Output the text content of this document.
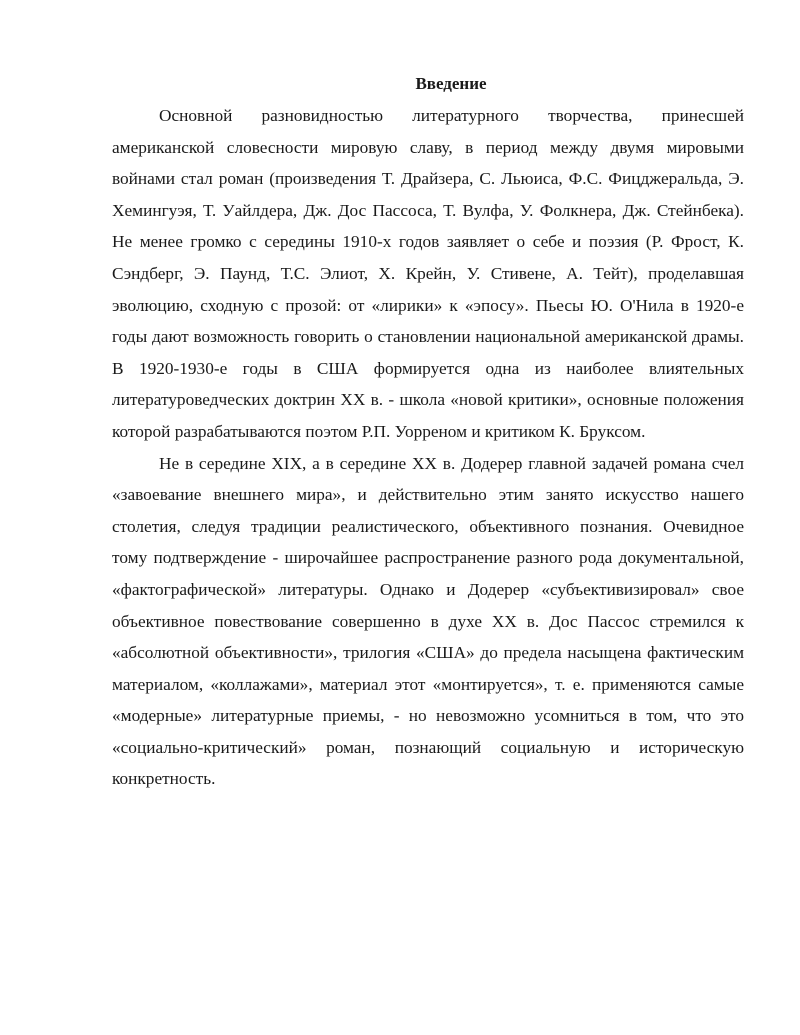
Введение

Основной разновидностью литературного творчества, принесшей американской словесности мировую славу, в период между двумя мировыми войнами стал роман (произведения Т. Драйзера, С. Льюиса, Ф.С. Фицджеральда, Э. Хемингуэя, Т. Уайлдера, Дж. Дос Пассоса, Т. Вулфа, У. Фолкнера, Дж. Стейнбека). Не менее громко с середины 1910-х годов заявляет о себе и поэзия (Р. Фрост, К. Сэндберг, Э. Паунд, Т.С. Элиот, Х. Крейн, У. Стивене, А. Тейт), проделавшая эволюцию, сходную с прозой: от «лирики» к «эпосу». Пьесы Ю. О'Нила в 1920-е годы дают возможность говорить о становлении национальной американской драмы. В 1920-1930-е годы в США формируется одна из наиболее влиятельных литературоведческих доктрин XX в. - школа «новой критики», основные положения которой разрабатываются поэтом Р.П. Уорреном и критиком К. Бруксом.

Не в середине XIX, а в середине XX в. Додерер главной задачей романа счел «завоевание внешнего мира», и действительно этим занято искусство нашего столетия, следуя традиции реалистического, объективного познания. Очевидное тому подтверждение - широчайшее распространение разного рода документальной, «фактографической» литературы. Однако и Додерер «субъективизировал» свое объективное повествование совершенно в духе XX в. Дос Пассос стремился к «абсолютной объективности», трилогия «США» до предела насыщена фактическим материалом, «коллажами», материал этот «монтируется», т. е. применяются самые «модерные» литературные приемы, - но невозможно усомниться в том, что это «социально-критический» роман, познающий социальную и историческую конкретность.
